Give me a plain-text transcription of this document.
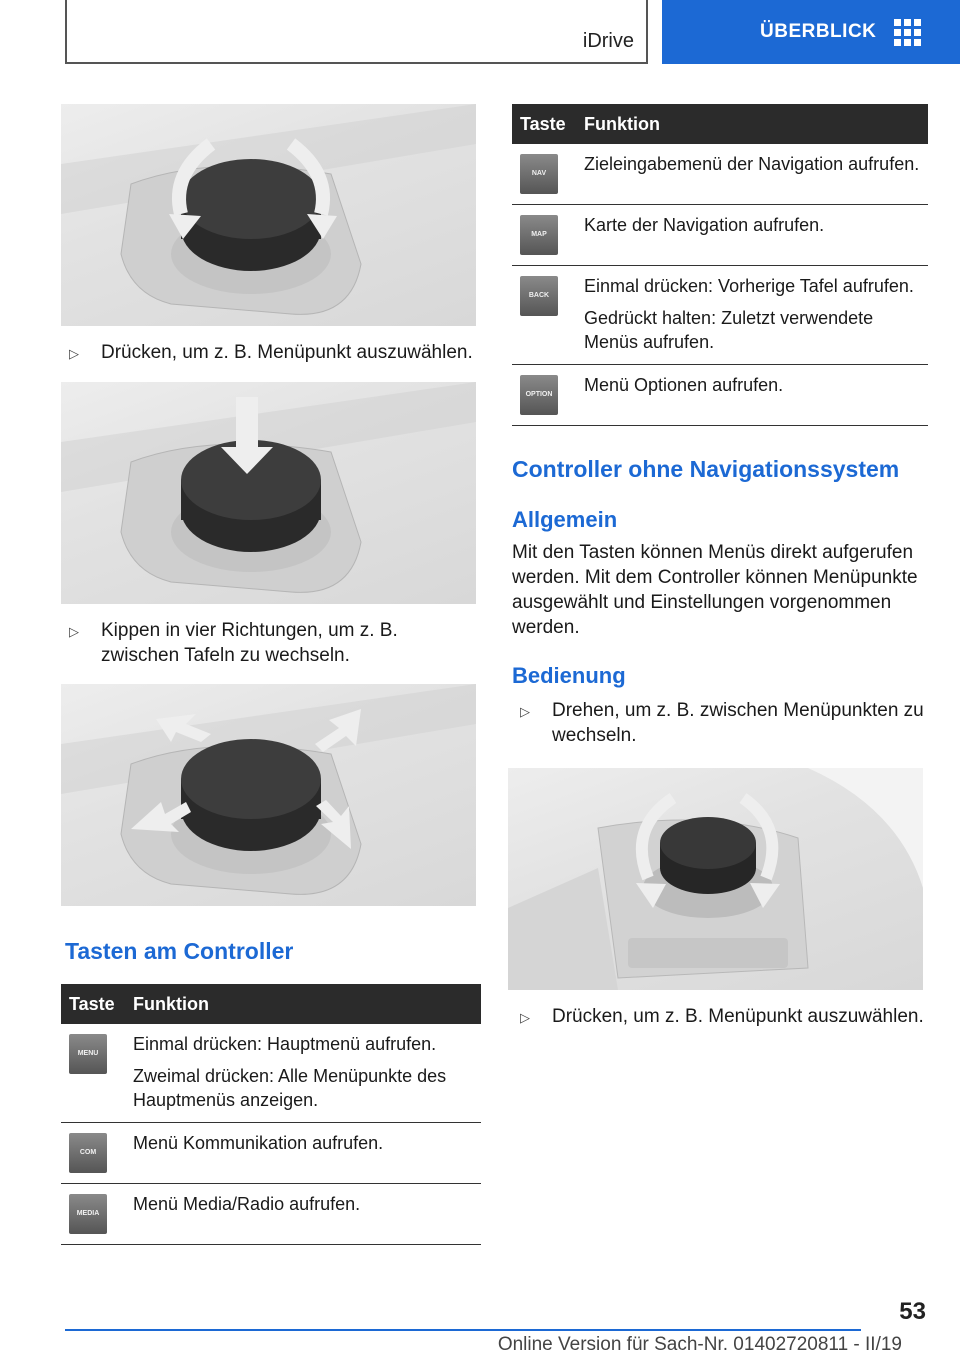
iDrive	ÜBERBLICK
▷	Drücken, um z. B. Menüpunkt auszuwählen.
▷	Kippen in vier Richtungen, um z. B. zwischen Tafeln zu wechseln.
Tasten am Controller
Taste	Funktion

MENU	Einmal drücken: Hauptmenü aufrufen.

Zweimal drücken: Alle Menüpunkte des Hauptmenüs anzeigen.

COM	Menü Kommunikation aufrufen.

MEDIA	Menü Media/Radio aufrufen.

Taste	Funktion

NAV	Zieleingabemenü der Navigation aufrufen.

MAP	Karte der Navigation aufrufen.

BACK	Einmal drücken: Vorherige Tafel aufrufen.

Gedrückt halten: Zuletzt verwendete Menüs aufrufen.

OPTION	Menü Optionen aufrufen.

Controller ohne Navigationssystem
Allgemein

Mit den Tasten können Menüs direkt aufgerufen werden. Mit dem Controller können Menüpunkte ausgewählt und Einstellungen vorgenommen werden.

Bedienung
▷	Drehen, um z. B. zwischen Menüpunkten zu wechseln.
▷	Drücken, um z. B. Menüpunkt auszuwählen.
53
Online Version für Sach-Nr. 01402720811 - II/19
